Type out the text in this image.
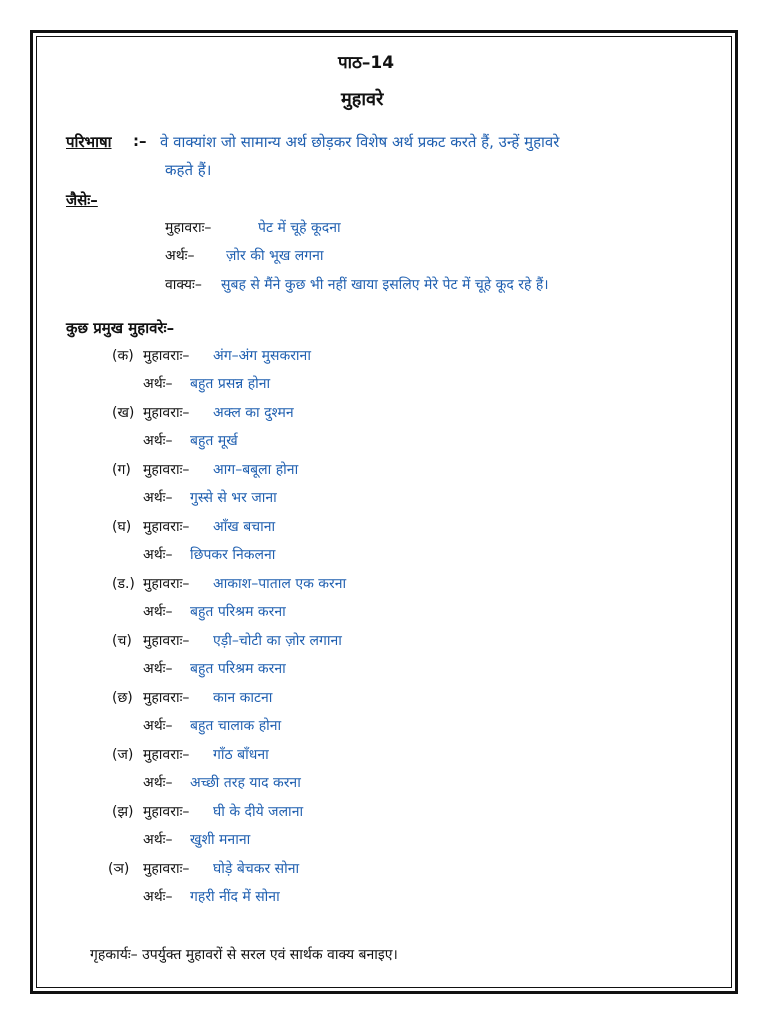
पाठ–14
मुहावरे
परिभाषा :– वे वाक्यांश जो सामान्य अर्थ छोड़कर विशेष अर्थ प्रकट करते हैं, उन्हें मुहावरे
कहते हैं।
जैसेः–
मुहावराः–	पेट में चूहे कूदना
अर्थः– ज़ोर की भूख लगना
वाक्यः– सुबह से मैंने कुछ भी नहीं खाया इसलिए मेरे पेट में चूहे कूद रहे हैं।
कुछ प्रमुख मुहावरेः–
(क) मुहावराः– अंग–अंग मुसकराना
अर्थः– बहुत प्रसन्न होना
(ख) मुहावराः– अक्ल का दुश्मन
अर्थः– बहुत मूर्ख
(ग) मुहावराः– आग–बबूला होना
अर्थः– गुस्से से भर जाना
(घ) मुहावराः– आँख बचाना
अर्थः– छिपकर निकलना
(ड.) मुहावराः– आकाश–पाताल एक करना
अर्थः– बहुत परिश्रम करना
(च) मुहावराः– एड़ी–चोटी का ज़ोर लगाना
अर्थः– बहुत परिश्रम करना
(छ) मुहावराः– कान काटना
अर्थः– बहुत चालाक होना
(ज) मुहावराः– गाँठ बाँधना
अर्थः– अच्छी तरह याद करना
(झ) मुहावराः– घी के दीये जलाना
अर्थः– खुशी मनाना
(ञ) मुहावराः– घोड़े बेचकर सोना
अर्थः– गहरी नींद में सोना
गृहकार्यः– उपर्युक्त मुहावरों से सरल एवं सार्थक वाक्य बनाइए।
